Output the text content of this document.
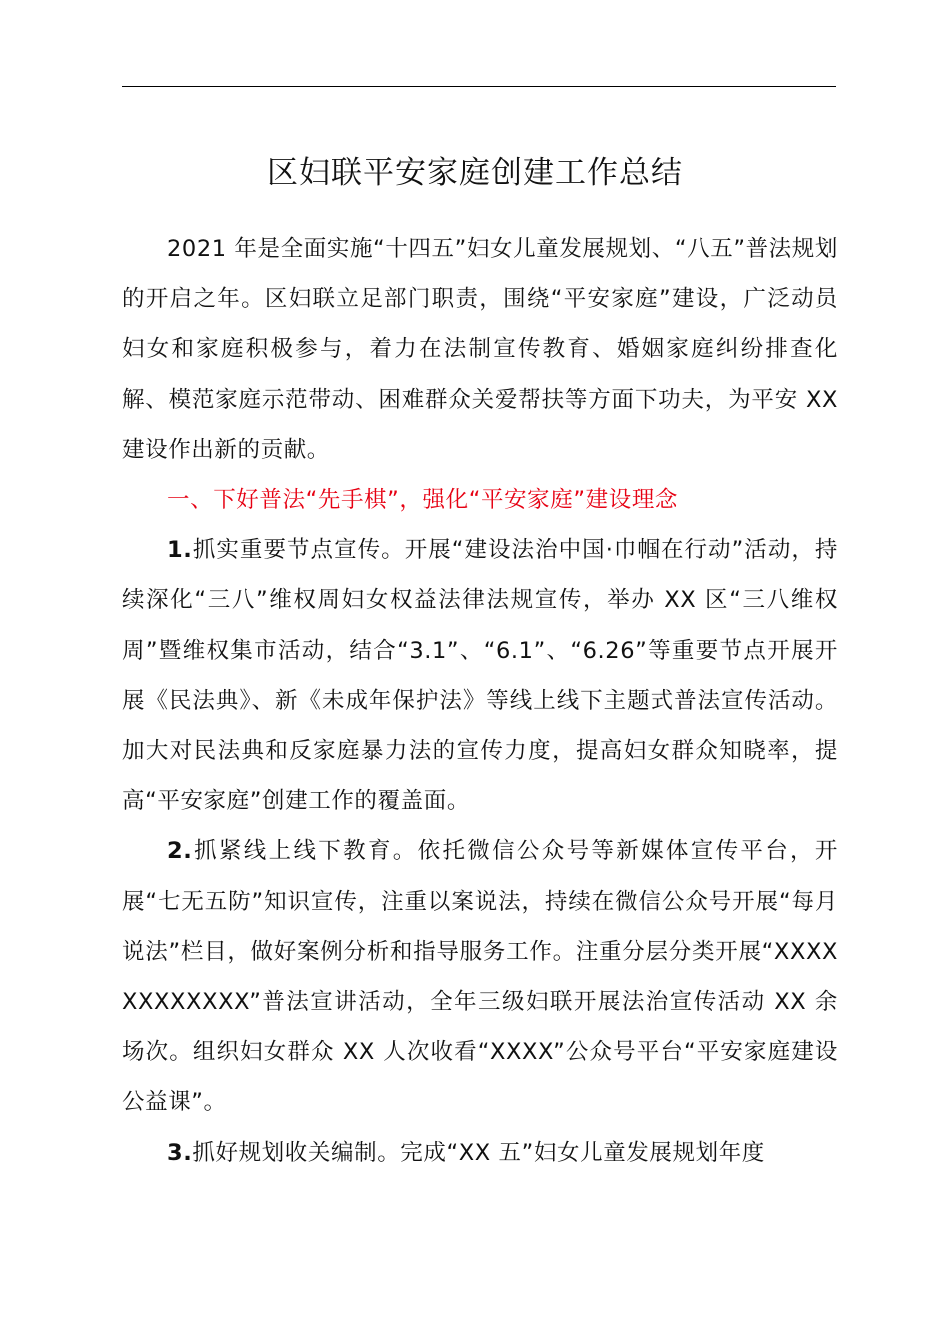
区妇联平安家庭创建工作总结

2021 年是全面实施“十四五”妇女儿童发展规划、“八五”普法规划的开启之年。区妇联立足部门职责，围绕“平安家庭”建设，广泛动员妇女和家庭积极参与，着力在法制宣传教育、婚姻家庭纠纷排查化解、模范家庭示范带动、困难群众关爱帮扶等方面下功夫，为平安 XX 建设作出新的贡献。

一、下好普法“先手棋”，强化“平安家庭”建设理念

1.抓实重要节点宣传。开展“建设法治中国·巾帼在行动”活动，持续深化“三八”维权周妇女权益法律法规宣传，举办 XX 区“三八维权周”暨维权集市活动，结合“3.1”、“6.1”、“6.26”等重要节点开展开展《民法典》、新《未成年保护法》等线上线下主题式普法宣传活动。加大对民法典和反家庭暴力法的宣传力度，提高妇女群众知晓率，提高“平安家庭”创建工作的覆盖面。

2.抓紧线上线下教育。依托微信公众号等新媒体宣传平台，开展“七无五防”知识宣传，注重以案说法，持续在微信公众号开展“每月说法”栏目，做好案例分析和指导服务工作。注重分层分类开展“XXXXXXXXXXXX”普法宣讲活动，全年三级妇联开展法治宣传活动 XX 余场次。组织妇女群众 XX 人次收看“XXXX”公众号平台“平安家庭建设公益课”。

3.抓好规划收关编制。完成“XX 五”妇女儿童发展规划年度
